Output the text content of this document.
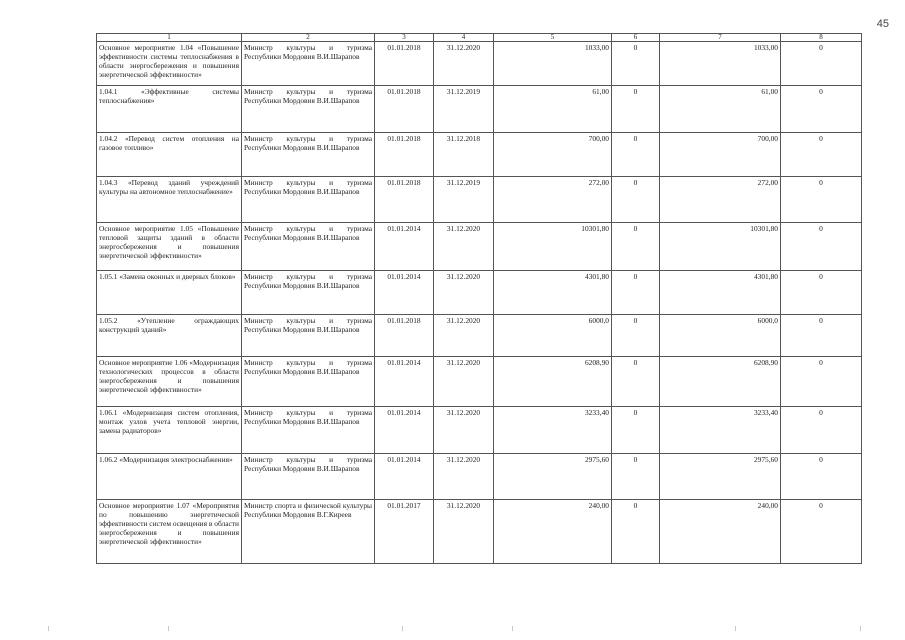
45
1	2	3	4	5	6	7	8
Основное мероприятие 1.04 «Повышение эффективности системы теплоснабжения в области энергосбережения и повышения энергетической эффективности»	Министр культуры и туризма Республики Мордовия В.И.Шарапов	01.01.2018	31.12.2020	1033,00	0	1033,00	0
1.04.1 «Эффективные системы теплоснабжения»	Министр культуры и туризма Республики Мордовия В.И.Шарапов	01.01.2018	31.12.2019	61,00	0	61,00	0
1.04.2 «Перевод систем отопления на газовое топливо»	Министр культуры и туризма Республики Мордовия В.И.Шарапов	01.01.2018	31.12.2018	700,00	0	700,00	0
1.04.3 «Перевод зданий учреждений культуры на автономное теплоснабжение»	Министр культуры и туризма Республики Мордовия В.И.Шарапов	01.01.2018	31.12.2019	272,00	0	272,00	0
Основное мероприятие 1.05 «Повышение тепловой защиты зданий в области энергосбережения и повышения энергетической эффективности»	Министр культуры и туризма Республики Мордовия В.И.Шарапов	01.01.2014	31.12.2020	10301,80	0	10301,80	0
1.05.1 «Замена оконных и дверных блоков»	Министр культуры и туризма Республики Мордовия В.И.Шарапов	01.01.2014	31.12.2020	4301,80	0	4301,80	0
1.05.2 «Утепление ограждающих конструкций зданий»	Министр культуры и туризма Республики Мордовия В.И.Шарапов	01.01.2018	31.12.2020	6000,0	0	6000,0	0
Основное мероприятие 1.06 «Модернизация технологических процессов в области энергосбережения и повышения энергетической эффективности»	Министр культуры и туризма Республики Мордовия В.И.Шарапов	01.01.2014	31.12.2020	6208,90	0	6208,90	0
1.06.1 «Модернизация систем отопления, монтаж узлов учета тепловой энергии, замена радиаторов»	Министр культуры и туризма Республики Мордовия В.И.Шарапов	01.01.2014	31.12.2020	3233,40	0	3233,40	0
1.06.2 «Модернизация электроснабжения»	Министр культуры и туризма Республики Мордовия В.И.Шарапов	01.01.2014	31.12.2020	2975,60	0	2975,60	0
Основное мероприятие 1.07 «Мероприятия по повышению энергетической эффективности систем освещения в области энергосбережения и повышения энергетической эффективности»	Министр спорта и физической культуры Республики Мордовия В.Г.Киреев	01.01.2017	31.12.2020	240,00	0	240,00	0
